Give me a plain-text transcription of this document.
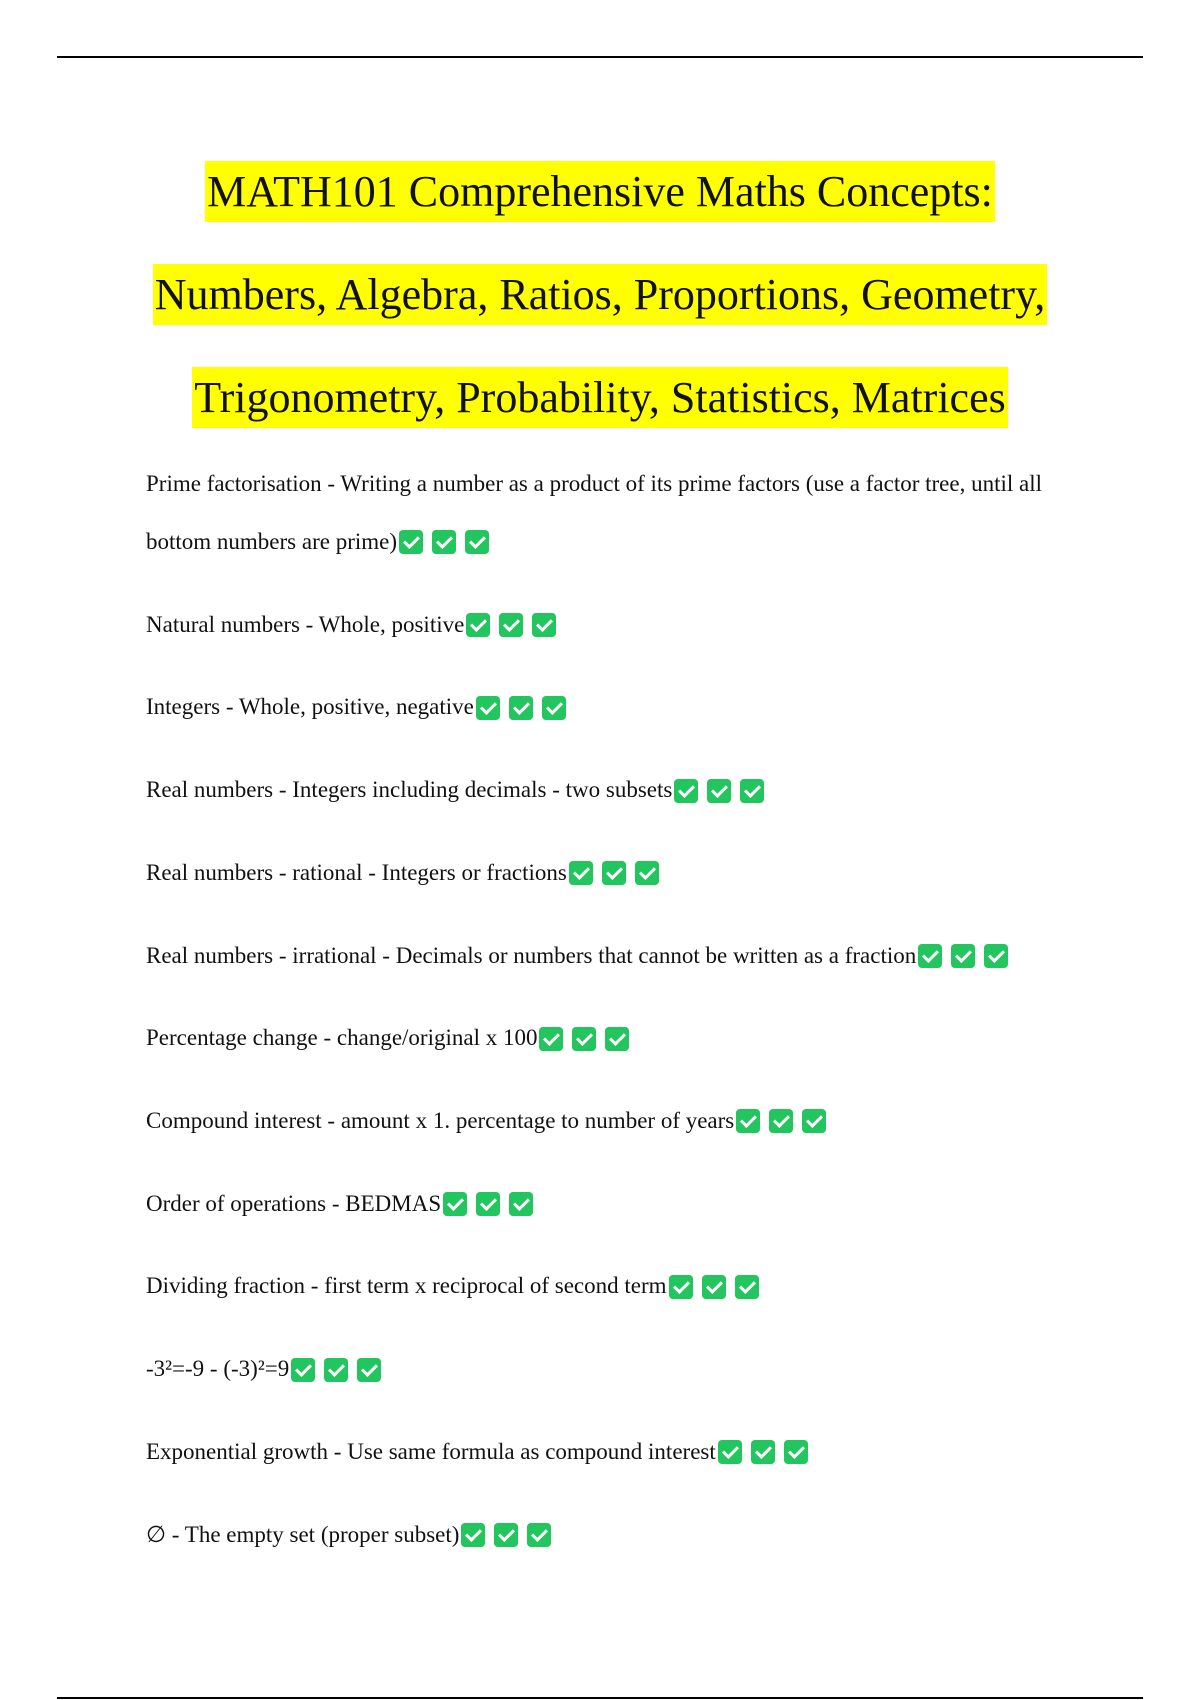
MATH101 Comprehensive Maths Concepts:
Numbers, Algebra, Ratios, Proportions, Geometry,
Trigonometry, Probability, Statistics, Matrices
Prime factorisation - Writing a number as a product of its prime factors (use a factor tree, until all bottom numbers are prime)
Natural numbers - Whole, positive
Integers - Whole, positive, negative
Real numbers - Integers including decimals - two subsets
Real numbers - rational - Integers or fractions
Real numbers - irrational - Decimals or numbers that cannot be written as a fraction
Percentage change - change/original x 100
Compound interest - amount x 1. percentage to number of years
Order of operations - BEDMAS
Dividing fraction - first term x reciprocal of second term
-3²=-9 - (-3)²=9
Exponential growth - Use same formula as compound interest
∅ - The empty set (proper subset)
